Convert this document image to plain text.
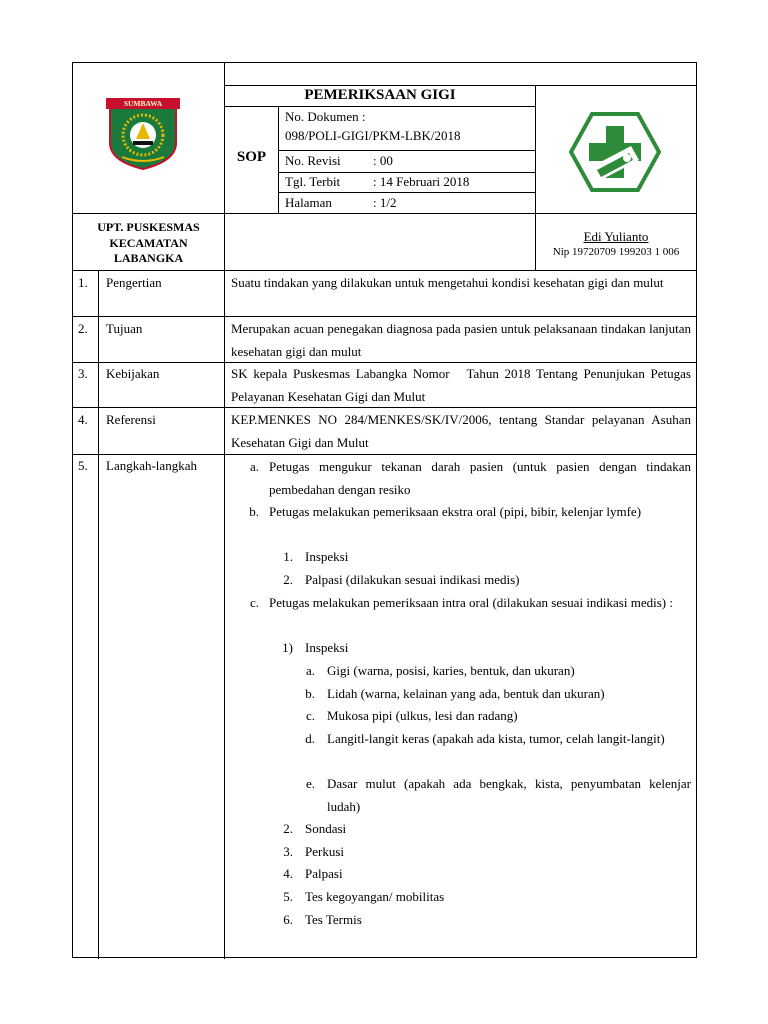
SUMBAWA
PEMERIKSAAN GIGI
SOP
No. Dokumen :
098/POLI-GIGI/PKM-LBK/2018
No. Revisi : 00
Tgl. Terbit	: 14 Februari 2018
Halaman	: 1/2
UPT. PUSKESMAS
KECAMATAN
LABANGKA
Edi Yulianto
Nip 19720709 199203 1 006
1. Pengertian	Suatu tindakan yang dilakukan untuk mengetahui kondisi kesehatan gigi dan mulut
2. Tujuan	Merupakan acuan penegakan diagnosa pada pasien untuk pelaksanaan tindakan lanjutan kesehatan gigi dan mulut
3. Kebijakan	SK kepala Puskesmas Labangka Nomor   Tahun 2018 Tentang Penunjukan Petugas Pelayanan Kesehatan Gigi dan Mulut
4. Referensi	KEP.MENKES NO 284/MENKES/SK/IV/2006, tentang Standar pelayanan Asuhan Kesehatan Gigi dan Mulut
5. Langkah-langkah	a. Petugas mengukur tekanan darah pasien (untuk pasien dengan tindakan pembedahan dengan resiko
b. Petugas melakukan pemeriksaan ekstra oral (pipi, bibir, kelenjar lymfe)
1. Inspeksi
2. Palpasi (dilakukan sesuai indikasi medis)
c. Petugas melakukan pemeriksaan intra oral (dilakukan sesuai indikasi medis) :
1) Inspeksi
a. Gigi (warna, posisi, karies, bentuk, dan ukuran)
b. Lidah (warna, kelainan yang ada, bentuk dan ukuran)
c. Mukosa pipi (ulkus, lesi dan radang)
d. Langitl-langit keras (apakah ada kista, tumor, celah langit-langit)
e. Dasar mulut (apakah ada bengkak, kista, penyumbatan kelenjar ludah)
2. Sondasi
3. Perkusi
4. Palpasi
5. Tes kegoyangan/ mobilitas
6. Tes Termis
